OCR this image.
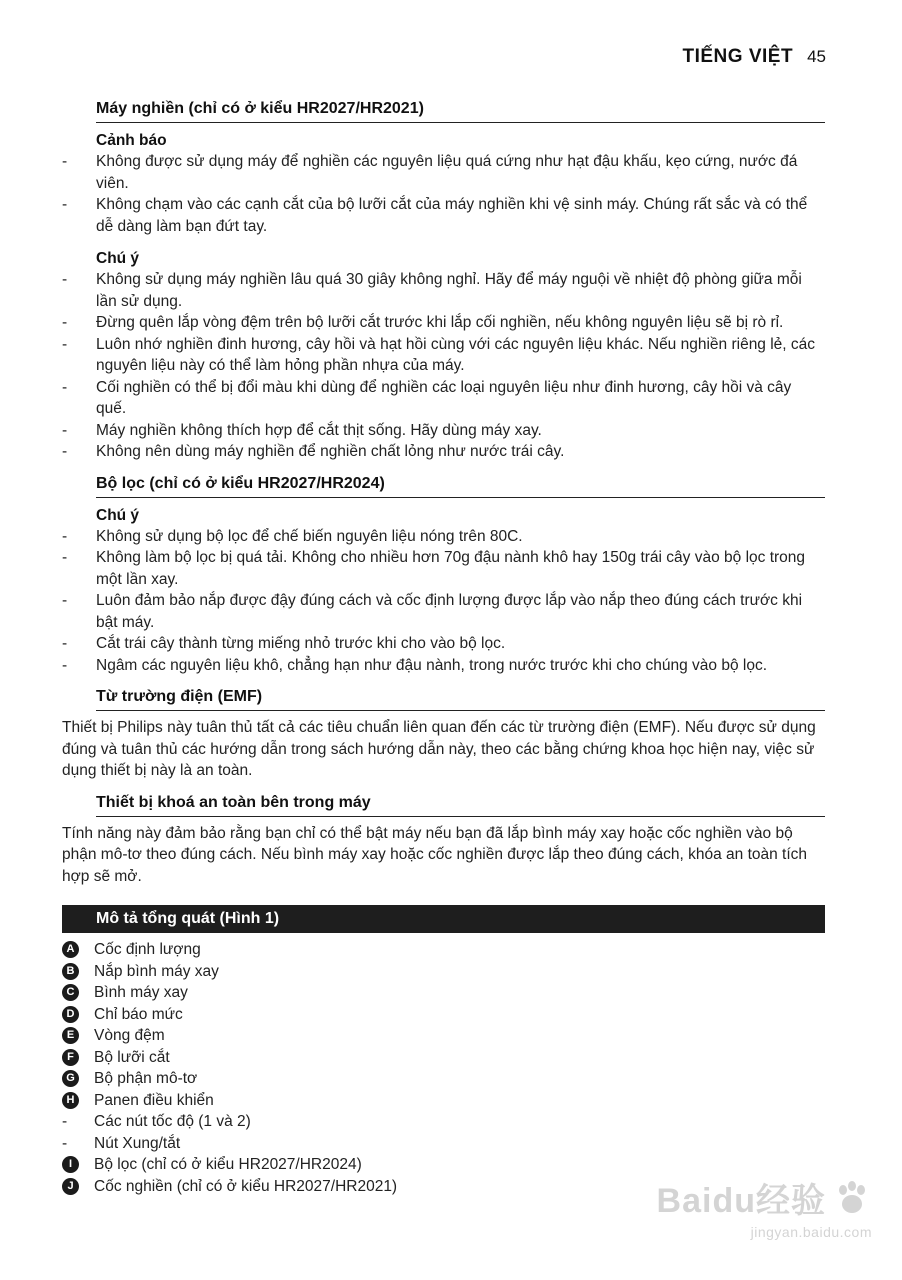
TIẾNG VIỆT 45
Máy nghiền (chỉ có ở kiểu HR2027/HR2021)
Cảnh báo
- Không được sử dụng máy để nghiền các nguyên liệu quá cứng như hạt đậu khấu, kẹo cứng, nước đá viên.
- Không chạm vào các cạnh cắt của bộ lưỡi cắt của máy nghiền khi vệ sinh máy. Chúng rất sắc và có thể dễ dàng làm bạn đứt tay.
Chú ý
- Không sử dụng máy nghiền lâu quá 30 giây không nghỉ. Hãy để máy nguội về nhiệt độ phòng giữa mỗi lần sử dụng.
- Đừng quên lắp vòng đệm trên bộ lưỡi cắt trước khi lắp cối nghiền, nếu không nguyên liệu sẽ bị rò rỉ.
- Luôn nhớ nghiền đinh hương, cây hồi và hạt hồi cùng với các nguyên liệu khác. Nếu nghiền riêng lẻ, các nguyên liệu này có thể làm hỏng phần nhựa của máy.
- Cối nghiền có thể bị đổi màu khi dùng để nghiền các loại nguyên liệu như đinh hương, cây hồi và cây quế.
- Máy nghiền không thích hợp để cắt thịt sống. Hãy dùng máy xay.
- Không nên dùng máy nghiền để nghiền chất lỏng như nước trái cây.
Bộ lọc (chỉ có ở kiểu HR2027/HR2024)
Chú ý
- Không sử dụng bộ lọc để chế biến nguyên liệu nóng trên 80C.
- Không làm bộ lọc bị quá tải. Không cho nhiều hơn 70g đậu nành khô hay 150g trái cây vào bộ lọc trong một lần xay.
- Luôn đảm bảo nắp được đậy đúng cách và cốc định lượng được lắp vào nắp theo đúng cách trước khi bật máy.
- Cắt trái cây thành từng miếng nhỏ trước khi cho vào bộ lọc.
- Ngâm các nguyên liệu khô, chẳng hạn như đậu nành, trong nước trước khi cho chúng vào bộ lọc.
Từ trường điện (EMF)
Thiết bị Philips này tuân thủ tất cả các tiêu chuẩn liên quan đến các từ trường điện (EMF). Nếu được sử dụng đúng và tuân thủ các hướng dẫn trong sách hướng dẫn này, theo các bằng chứng khoa học hiện nay, việc sử dụng thiết bị này là an toàn.
Thiết bị khoá an toàn bên trong máy
Tính năng này đảm bảo rằng bạn chỉ có thể bật máy nếu bạn đã lắp bình máy xay hoặc cốc nghiền vào bộ phận mô-tơ theo đúng cách. Nếu bình máy xay hoặc cốc nghiền được lắp theo đúng cách, khóa an toàn tích hợp sẽ mở.
Mô tả tổng quát (Hình 1)
A Cốc định lượng
B Nắp bình máy xay
C Bình máy xay
D Chỉ báo mức
E	Vòng đệm
F	Bộ lưỡi cắt
G Bộ phận mô-tơ
H Panen điều khiển
-	Các nút tốc độ (1 và 2)
-	Nút Xung/tắt
I	Bộ lọc (chỉ có ở kiểu HR2027/HR2024)
J	Cốc nghiền (chỉ có ở kiểu HR2027/HR2021)	Baidu经验
jingyan.baidu.com
